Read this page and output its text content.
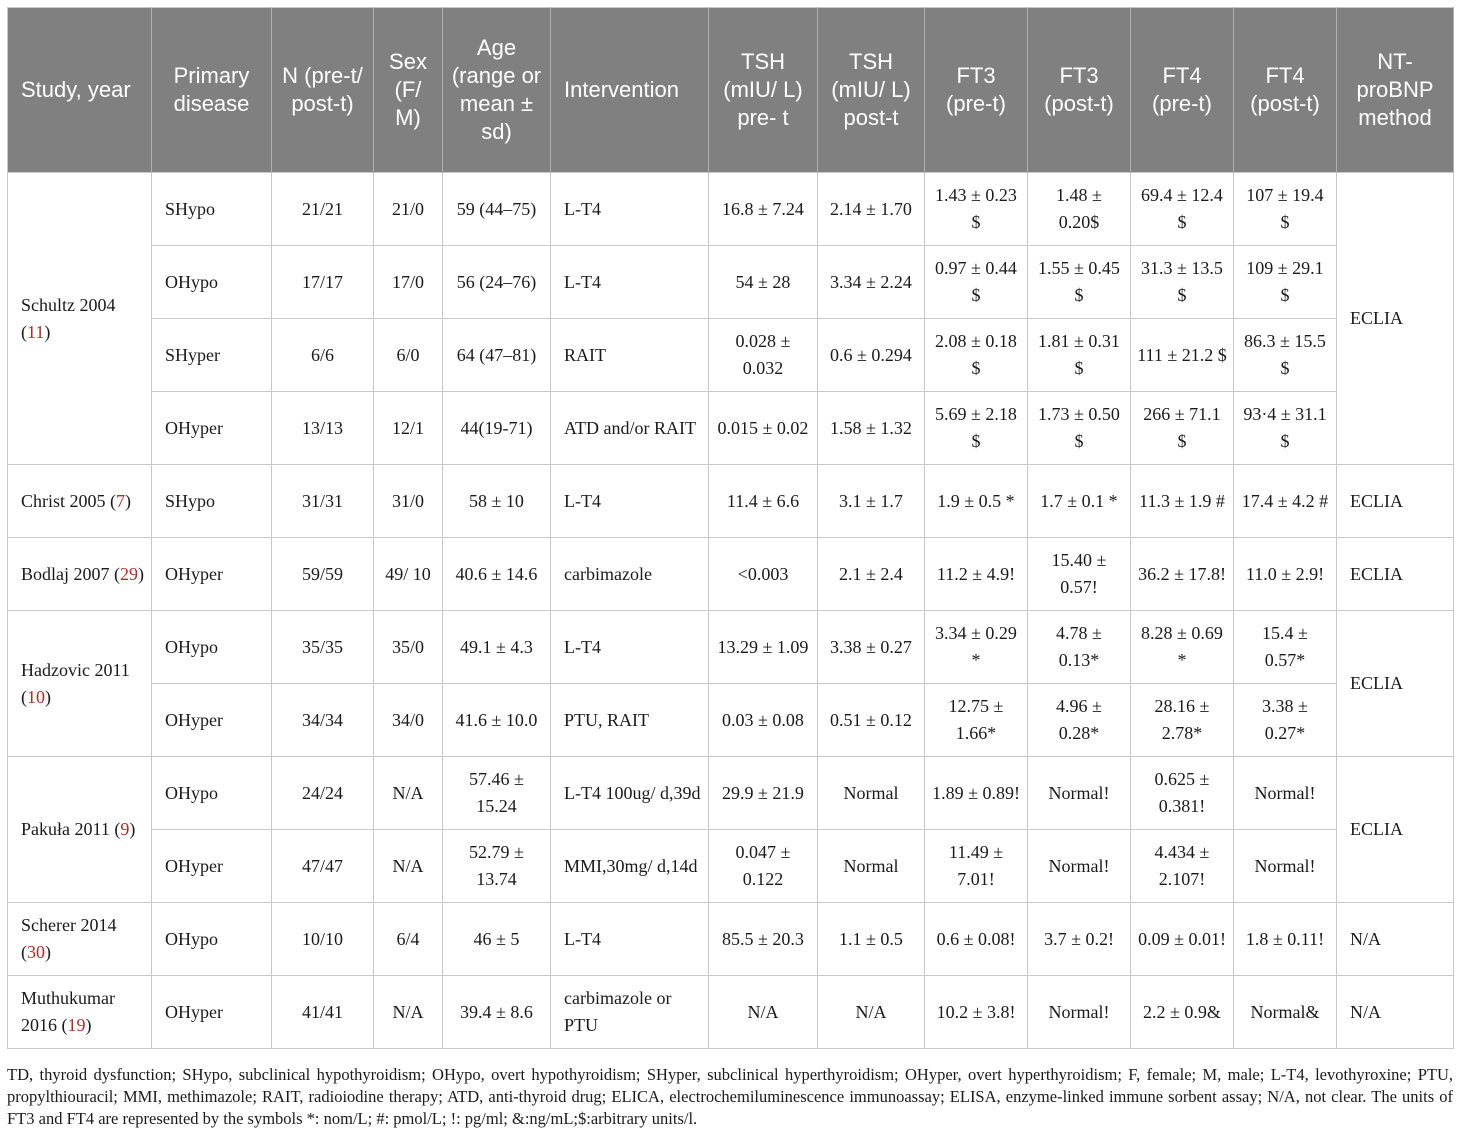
Study, year	Primary disease	N (pre-t/ post-t)	Sex (F/ M)	Age (range or mean ± sd)	Intervention	TSH (mIU/ L) pre- t	TSH (mIU/ L) post-t	FT3 (pre-t)	FT3 (post-t)	FT4 (pre-t)	FT4 (post-t)	NT- proBNP method
Schultz 2004 (11)	SHypo	21/21	21/0	59 (44–75)	L-T4	16.8 ± 7.24	2.14 ± 1.70	1.43 ± 0.23 $	1.48 ± 0.20$	69.4 ± 12.4 $	107 ± 19.4 $	ECLIA
	OHypo	17/17	17/0	56 (24–76)	L-T4	54 ± 28	3.34 ± 2.24	0.97 ± 0.44 $	1.55 ± 0.45 $	31.3 ± 13.5 $	109 ± 29.1 $	
	SHyper	6/6	6/0	64 (47–81)	RAIT	0.028 ± 0.032	0.6 ± 0.294	2.08 ± 0.18 $	1.81 ± 0.31 $	111 ± 21.2 $	86.3 ± 15.5 $	
	OHyper	13/13	12/1	44(19-71)	ATD and/or RAIT	0.015 ± 0.02	1.58 ± 1.32	5.69 ± 2.18 $	1.73 ± 0.50 $	266 ± 71.1 $	93·4 ± 31.1 $	
Christ 2005 (7)	SHypo	31/31	31/0	58 ± 10	L-T4	11.4 ± 6.6	3.1 ± 1.7	1.9 ± 0.5 *	1.7 ± 0.1 *	11.3 ± 1.9 #	17.4 ± 4.2 #	ECLIA
Bodlaj 2007 (29)	OHyper	59/59	49/ 10	40.6 ± 14.6	carbimazole	<0.003	2.1 ± 2.4	11.2 ± 4.9!	15.40 ± 0.57!	36.2 ± 17.8!	11.0 ± 2.9!	ECLIA
Hadzovic 2011 (10)	OHypo	35/35	35/0	49.1 ± 4.3	L-T4	13.29 ± 1.09	3.38 ± 0.27	3.34 ± 0.29 *	4.78 ± 0.13*	8.28 ± 0.69 *	15.4 ± 0.57*	ECLIA
	OHyper	34/34	34/0	41.6 ± 10.0	PTU, RAIT	0.03 ± 0.08	0.51 ± 0.12	12.75 ± 1.66*	4.96 ± 0.28*	28.16 ± 2.78*	3.38 ± 0.27*	
Pakuła 2011 (9)	OHypo	24/24	N/A	57.46 ± 15.24	L-T4 100ug/ d,39d	29.9 ± 21.9	Normal	1.89 ± 0.89!	Normal!	0.625 ± 0.381!	Normal!	ECLIA
	OHyper	47/47	N/A	52.79 ± 13.74	MMI,30mg/ d,14d	0.047 ± 0.122	Normal	11.49 ± 7.01!	Normal!	4.434 ± 2.107!	Normal!	
Scherer 2014 (30)	OHypo	10/10	6/4	46 ± 5	L-T4	85.5 ± 20.3	1.1 ± 0.5	0.6 ± 0.08!	3.7 ± 0.2!	0.09 ± 0.01!	1.8 ± 0.11!	N/A
Muthukumar 2016 (19)	OHyper	41/41	N/A	39.4 ± 8.6	carbimazole or PTU	N/A	N/A	10.2 ± 3.8!	Normal!	2.2 ± 0.9&	Normal&	N/A
TD, thyroid dysfunction; SHypo, subclinical hypothyroidism; OHypo, overt hypothyroidism; SHyper, subclinical hyperthyroidism; OHyper, overt hyperthyroidism; F, female; M, male; L-T4, levothyroxine; PTU, propylthiouracil; MMI, methimazole; RAIT, radioiodine therapy; ATD, anti-thyroid drug; ELICA, electrochemiluminescence immunoassay; ELISA, enzyme-linked immune sorbent assay; N/A, not clear. The units of FT3 and FT4 are represented by the symbols *: nom/L; #: pmol/L; !: pg/ml; &:ng/mL;$:arbitrary units/l.
